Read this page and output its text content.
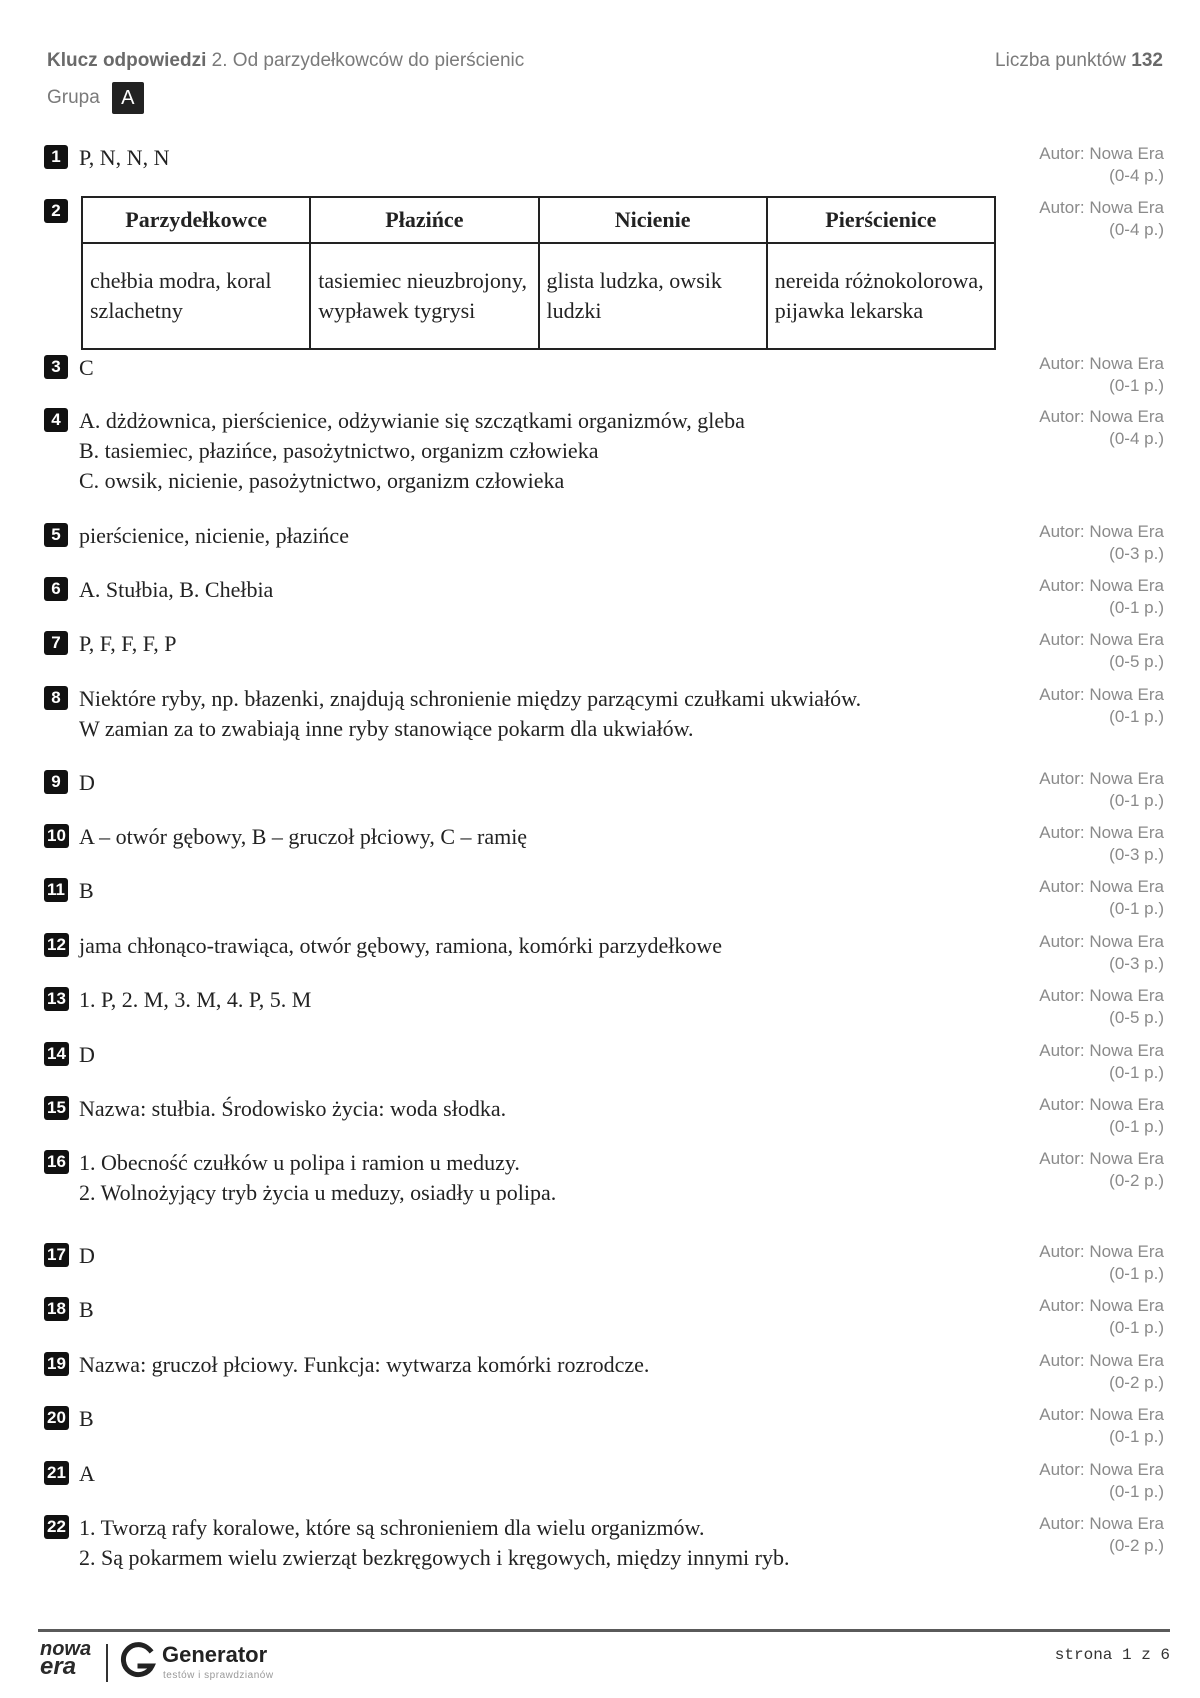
Klucz odpowiedzi 2. Od parzydełkowców do pierścienic	Liczba punktów 132
Grupa	A
1 P, N, N, N	Autor: Nowa Era
(0-4 p.)
2	Parzydełkowce	Płazińce	Nicienie	Pierścienice
chełbia modra, koral szlachetny	tasiemiec nieuzbrojony, wypławek tygrysi	glista ludzka, owsik ludzki	nereida różnokolorowa, pijawka lekarska
Autor: Nowa Era
(0-4 p.)
3 C	Autor: Nowa Era
(0-1 p.)
4 A. dżdżownica, pierścienice, odżywianie się szczątkami organizmów, gleba
B. tasiemiec, płazińce, pasożytnictwo, organizm człowieka
C. owsik, nicienie, pasożytnictwo, organizm człowieka
Autor: Nowa Era
(0-4 p.)
5 pierścienice, nicienie, płazińce	Autor: Nowa Era
(0-3 p.)
6 A. Stułbia, B. Chełbia	Autor: Nowa Era
(0-1 p.)
7 P, F, F, F, P	Autor: Nowa Era
(0-5 p.)
8 Niektóre ryby, np. błazenki, znajdują schronienie między parzącymi czułkami ukwiałów.
W zamian za to zwabiają inne ryby stanowiące pokarm dla ukwiałów.
Autor: Nowa Era
(0-1 p.)
9 D	Autor: Nowa Era
(0-1 p.)
10 A – otwór gębowy, B – gruczoł płciowy, C – ramię	Autor: Nowa Era
(0-3 p.)
11 B	Autor: Nowa Era
(0-1 p.)
12 jama chłonąco-trawiąca, otwór gębowy, ramiona, komórki parzydełkowe	Autor: Nowa Era
(0-3 p.)
13 1. P, 2. M, 3. M, 4. P, 5. M	Autor: Nowa Era
(0-5 p.)
14 D	Autor: Nowa Era
(0-1 p.)
15 Nazwa: stułbia. Środowisko życia: woda słodka.	Autor: Nowa Era
(0-1 p.)
16 1. Obecność czułków u polipa i ramion u meduzy.
2. Wolnożyjący tryb życia u meduzy, osiadły u polipa.
Autor: Nowa Era
(0-2 p.)
17 D	Autor: Nowa Era
(0-1 p.)
18 B	Autor: Nowa Era
(0-1 p.)
19 Nazwa: gruczoł płciowy. Funkcja: wytwarza komórki rozrodcze.	Autor: Nowa Era
(0-2 p.)
20 B	Autor: Nowa Era
(0-1 p.)
21 A	Autor: Nowa Era
(0-1 p.)
22 1. Tworzą rafy koralowe, które są schronieniem dla wielu organizmów.
2. Są pokarmem wielu zwierząt bezkręgowych i kręgowych, między innymi ryb.
Autor: Nowa Era
(0-2 p.)
nowa
era	Generator
testów i sprawdzianów
strona 1 z 6
